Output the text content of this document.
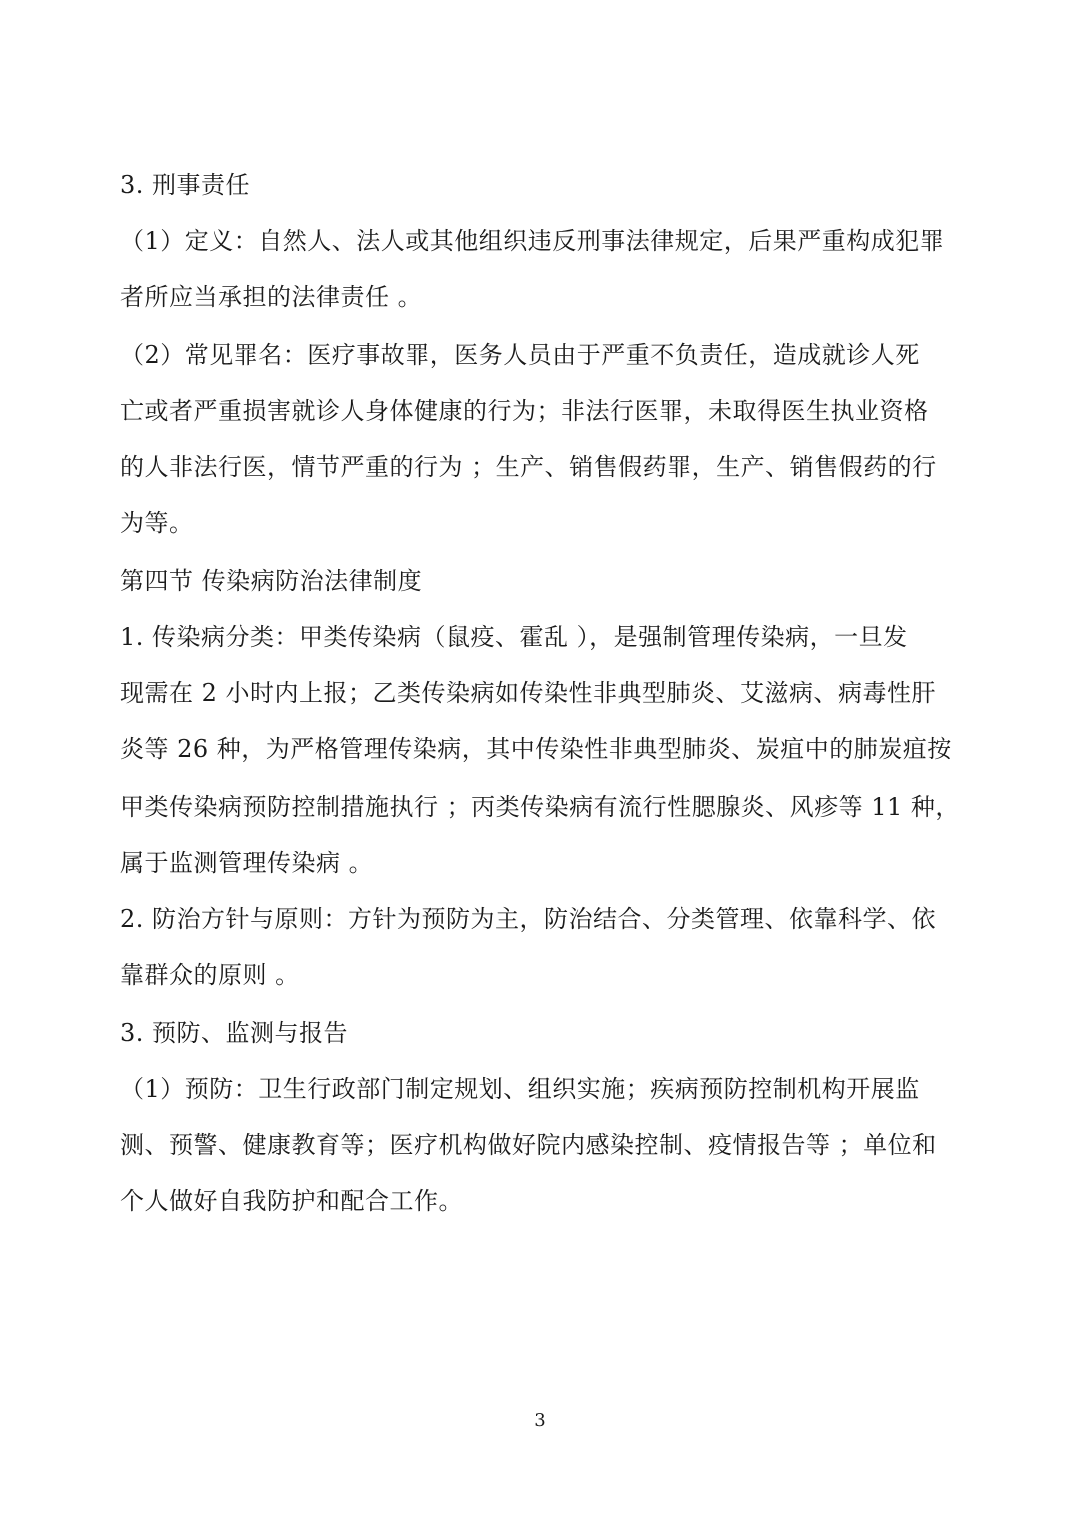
3. 刑事责任
（1）定义：自然人、法人或其他组织违反刑事法律规定，后果严重构成犯罪
者所应当承担的法律责任 。
（2）常见罪名：医疗事故罪，医务人员由于严重不负责任，造成就诊人死
亡或者严重损害就诊人身体健康的行为；非法行医罪，未取得医生执业资格
的人非法行医，情节严重的行为 ；生产、销售假药罪，生产、销售假药的行
为等。
第四节 传染病防治法律制度
1. 传染病分类：甲类传染病（鼠疫、霍乱 ），是强制管理传染病，一旦发
现需在 2 小时内上报；乙类传染病如传染性非典型肺炎、艾滋病、病毒性肝
炎等 26 种，为严格管理传染病，其中传染性非典型肺炎、炭疽中的肺炭疽按
甲类传染病预防控制措施执行 ；丙类传染病有流行性腮腺炎、风疹等 11 种，
属于监测管理传染病 。
2. 防治方针与原则：方针为预防为主，防治结合、分类管理、依靠科学、依
靠群众的原则 。
3. 预防、监测与报告
（1）预防：卫生行政部门制定规划、组织实施；疾病预防控制机构开展监
测、预警、健康教育等；医疗机构做好院内感染控制、疫情报告等 ；单位和
个人做好自我防护和配合工作。
3
